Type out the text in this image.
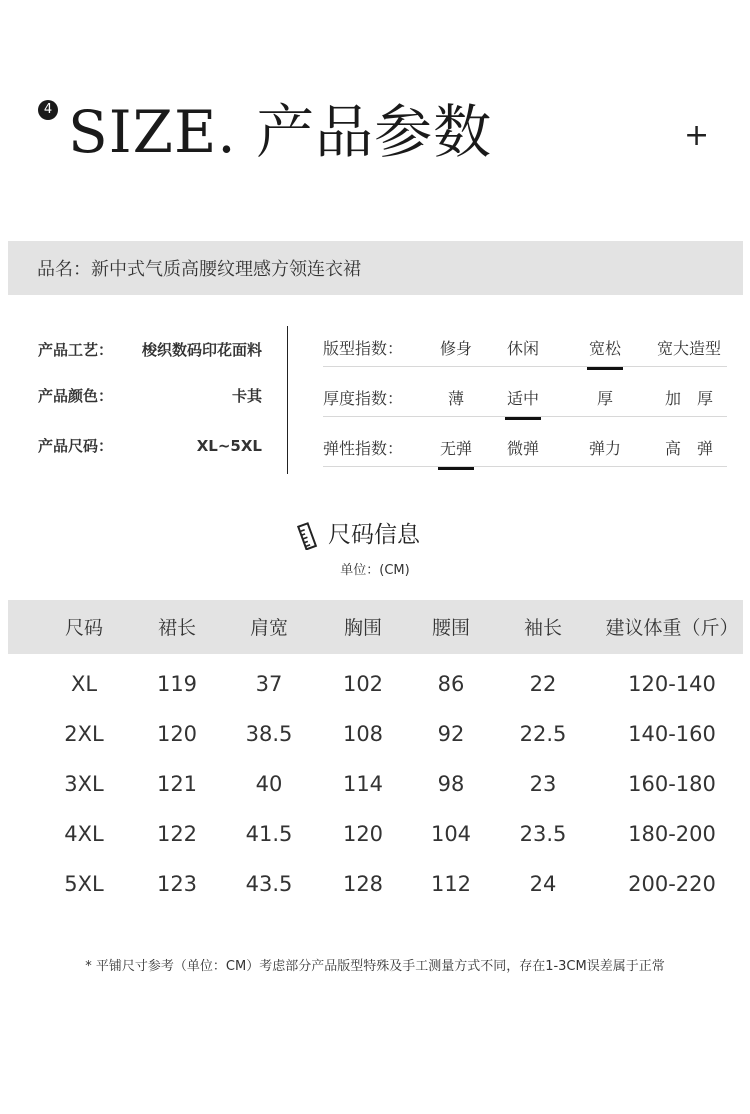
4 SIZE. 产品参数	+
品名：新中式气质高腰纹理感方领连衣裙
产品工艺： 梭织数码印花面料
产品颜色：	卡其
产品尺码：	XL~5XL
版型指数： 修身 休闲	宽松 宽大造型
厚度指数：	薄	适中	厚	加　厚
弹性指数： 无弹 微弹	弹力	高　弹
尺码信息
单位：(CM)
尺码	裙长	肩宽	胸围	腰围	袖长 建议体重（斤）
XL	119	37	102	86	22	120-140
2XL	120 38.5 108	92	22.5	140-160
3XL	121	40	114	98	23	160-180
4XL	122 41.5 120 104 23.5	180-200
5XL	123 43.5 128 112	24	200-220
* 平铺尺寸参考（单位：CM）考虑部分产品版型特殊及手工测量方式不同，存在1-3CM误差属于正常
